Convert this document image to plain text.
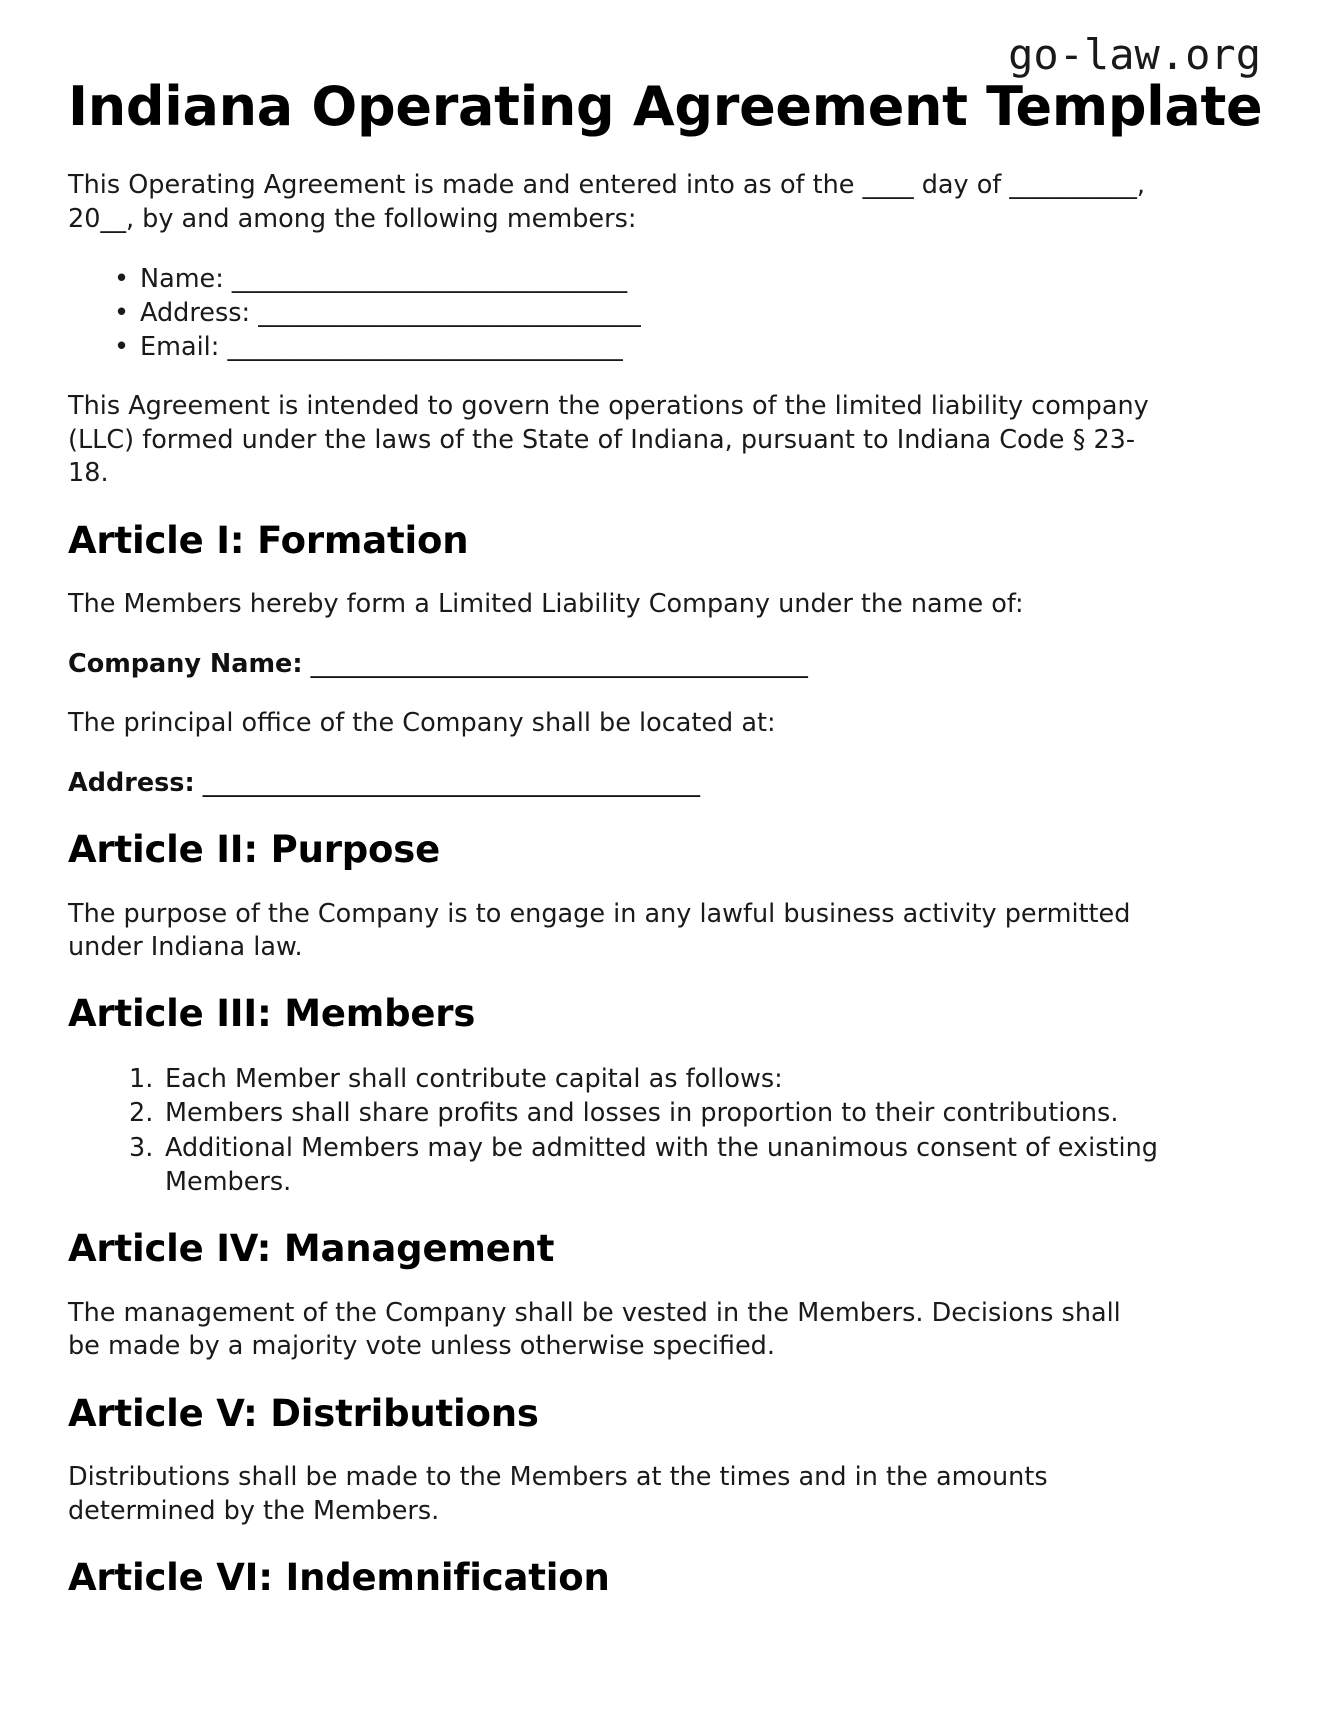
go-law.org
Indiana Operating Agreement Template

This Operating Agreement is made and entered into as of the ____ day of __________, 20__, by and among the following members:

• Name: _______________________________
• Address: ______________________________
• Email: _______________________________

This Agreement is intended to govern the operations of the limited liability company (LLC) formed under the laws of the State of Indiana, pursuant to Indiana Code § 23-18.

Article I: Formation

The Members hereby form a Limited Liability Company under the name of:

Company Name: _______________________________________

The principal office of the Company shall be located at:

Address: _______________________________________

Article II: Purpose

The purpose of the Company is to engage in any lawful business activity permitted under Indiana law.

Article III: Members
Each Member shall contribute capital as follows:
Members shall share profits and losses in proportion to their contributions.
Additional Members may be admitted with the unanimous consent of existing Members.
Article IV: Management

The management of the Company shall be vested in the Members. Decisions shall be made by a majority vote unless otherwise specified.

Article V: Distributions

Distributions shall be made to the Members at the times and in the amounts determined by the Members.

Article VI: Indemnification
